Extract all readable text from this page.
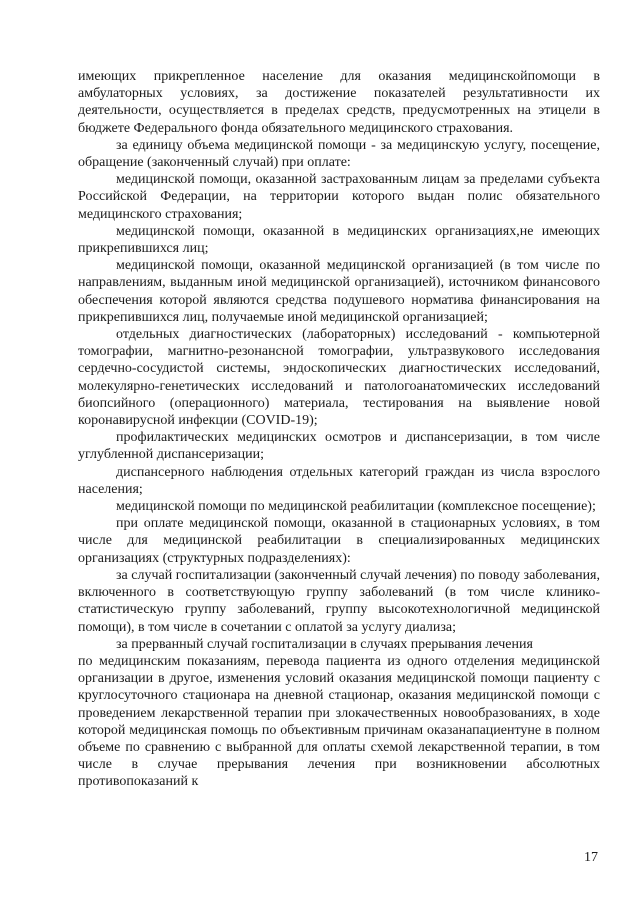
имеющих прикрепленное население для оказания медицинскойпомощи в амбулаторных условиях, за достижение показателей результативности их деятельности, осуществляется в пределах средств, предусмотренных на этицели в бюджете Федерального фонда обязательного медицинского страхования.

за единицу объема медицинской помощи - за медицинскую услугу, посещение, обращение (законченный случай) при оплате:

медицинской помощи, оказанной застрахованным лицам за пределами субъекта Российской Федерации, на территории которого выдан полис обязательного медицинского страхования;

медицинской помощи, оказанной в медицинских организациях,не имеющих прикрепившихся лиц;

медицинской помощи, оказанной медицинской организацией (в том числе по направлениям, выданным иной медицинской организацией), источником финансового обеспечения которой являются средства подушевого норматива финансирования на прикрепившихся лиц, получаемые иной медицинской организацией;

отдельных диагностических (лабораторных) исследований - компьютерной томографии, магнитно-резонансной томографии, ультразвукового исследования сердечно-сосудистой системы, эндоскопических диагностических исследований, молекулярно-генетических исследований и патологоанатомических исследований биопсийного (операционного) материала, тестирования на выявление новой коронавирусной инфекции (COVID-19);

профилактических медицинских осмотров и диспансеризации, в том числе углубленной диспансеризации;

диспансерного наблюдения отдельных категорий граждан из числа взрослого населения;

медицинской помощи по медицинской реабилитации (комплексное посещение);

при оплате медицинской помощи, оказанной в стационарных условиях, в том числе для медицинской реабилитации в специализированных медицинских организациях (структурных подразделениях):

за случай госпитализации (законченный случай лечения) по поводу заболевания, включенного в соответствующую группу заболеваний (в том числе клинико-статистическую группу заболеваний, группу высокотехнологичной медицинской помощи), в том числе в сочетании с оплатой за услугу диализа;

за прерванный случай госпитализации в случаях прерывания лечения

по медицинским показаниям, перевода пациента из одного отделения медицинской организации в другое, изменения условий оказания медицинской помощи пациенту с круглосуточного стационара на дневной стационар, оказания медицинской помощи с проведением лекарственной терапии при злокачественных новообразованиях, в ходе которой медицинская помощь по объективным причинам оказанапациентуне в полном объеме по сравнению с выбранной для оплаты схемой лекарственной терапии, в том числе в случае прерывания лечения при возникновении абсолютных противопоказаний к

17
